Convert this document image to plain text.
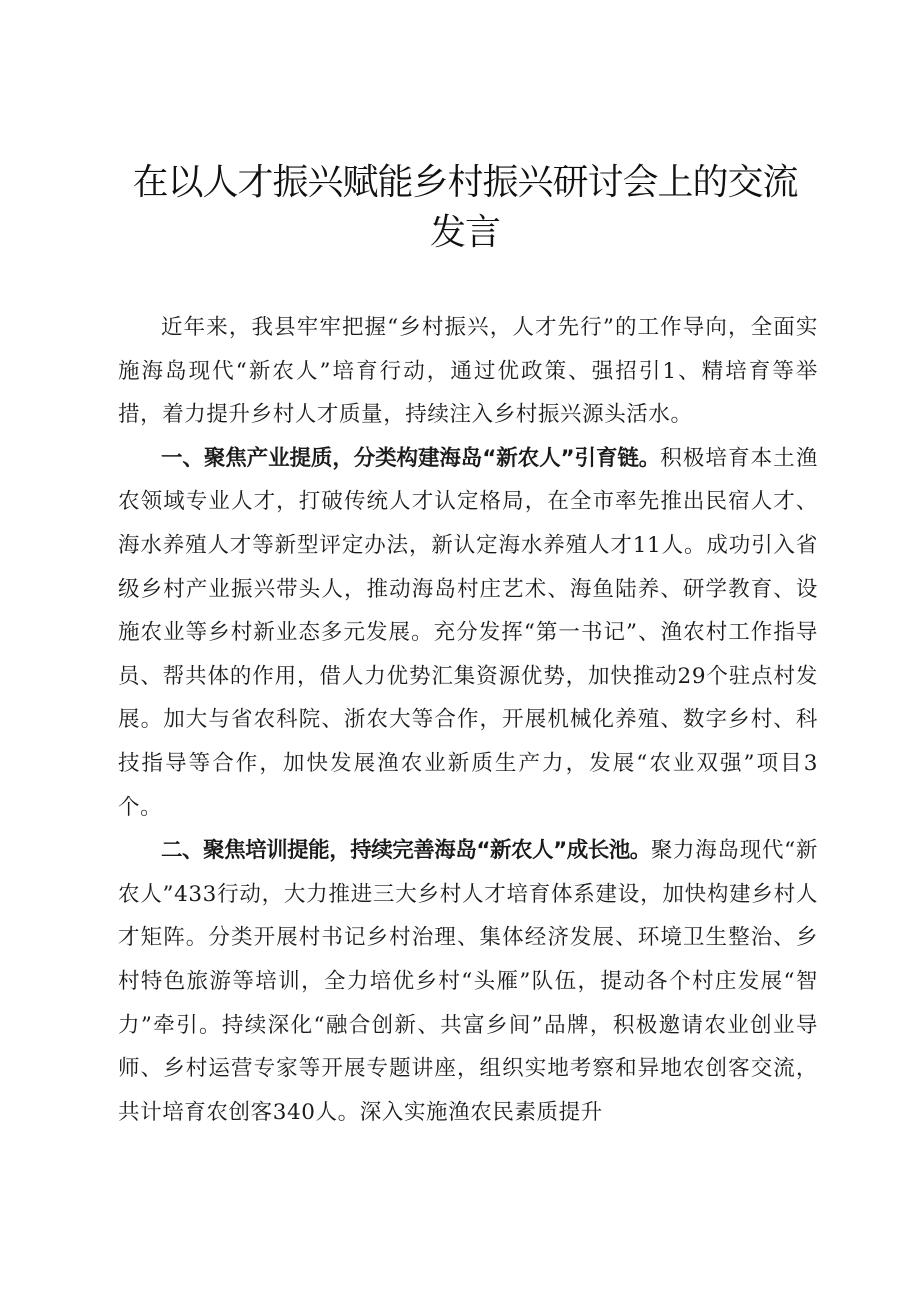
在以人才振兴赋能乡村振兴研讨会上的交流发言

近年来，我县牢牢把握“乡村振兴，人才先行”的工作导向，全面实施海岛现代“新农人”培育行动，通过优政策、强招引1、精培育等举措，着力提升乡村人才质量，持续注入乡村振兴源头活水。

一、聚焦产业提质，分类构建海岛“新农人”引育链。积极培育本土渔农领域专业人才，打破传统人才认定格局，在全市率先推出民宿人才、海水养殖人才等新型评定办法，新认定海水养殖人才11人。成功引入省级乡村产业振兴带头人，推动海岛村庄艺术、海鱼陆养、研学教育、设施农业等乡村新业态多元发展。充分发挥“第一书记”、渔农村工作指导员、帮共体的作用，借人力优势汇集资源优势，加快推动29个驻点村发展。加大与省农科院、浙农大等合作，开展机械化养殖、数字乡村、科技指导等合作，加快发展渔农业新质生产力，发展“农业双强”项目3个。

二、聚焦培训提能，持续完善海岛“新农人”成长池。聚力海岛现代“新农人”433行动，大力推进三大乡村人才培育体系建设，加快构建乡村人才矩阵。分类开展村书记乡村治理、集体经济发展、环境卫生整治、乡村特色旅游等培训，全力培优乡村“头雁”队伍，提动各个村庄发展“智力”牵引。持续深化“融合创新、共富乡间”品牌，积极邀请农业创业导师、乡村运营专家等开展专题讲座，组织实地考察和异地农创客交流，共计培育农创客340人。深入实施渔农民素质提升
